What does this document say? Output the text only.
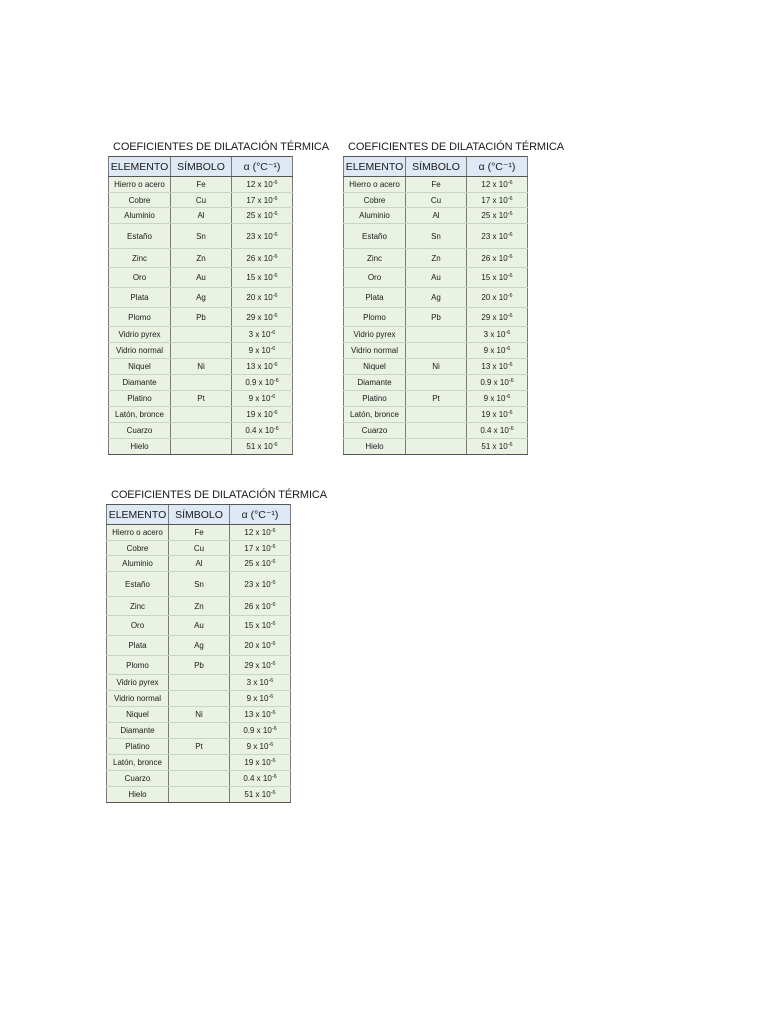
COEFICIENTES DE DILATACIÓN TÉRMICA
ELEMENTO	SÍMBOLO	α (°C⁻¹)
Hierro o acero	Fe	12 x $10^{-6}$
Cobre	Cu	17 x $10^{-6}$
Aluminio	Al	25 x $10^{-6}$
Estaño	Sn	23 x $10^{-6}$
Zinc	Zn	26 x $10^{-6}$
Oro	Au	15 x $10^{-6}$
Plata	Ag	20 x $10^{-6}$
Plomo	Pb	29 x $10^{-6}$
Vidrio pyrex		3 x $10^{-6}$
Vidrio normal		9 x $10^{-6}$
Niquel	Ni	13 x $10^{-6}$
Diamante		0.9 x $10^{-6}$
Platino	Pt	9 x $10^{-6}$
Latón, bronce		19 x $10^{-6}$
Cuarzo		0.4 x $10^{-6}$
Hielo		51 x $10^{-6}$
COEFICIENTES DE DILATACIÓN TÉRMICA
ELEMENTO	SÍMBOLO	α (°C⁻¹)
Hierro o acero	Fe	12 x $10^{-6}$
Cobre	Cu	17 x $10^{-6}$
Aluminio	Al	25 x $10^{-6}$
Estaño	Sn	23 x $10^{-6}$
Zinc	Zn	26 x $10^{-6}$
Oro	Au	15 x $10^{-6}$
Plata	Ag	20 x $10^{-6}$
Plomo	Pb	29 x $10^{-6}$
Vidrio pyrex		3 x $10^{-6}$
Vidrio normal		9 x $10^{-6}$
Niquel	Ni	13 x $10^{-6}$
Diamante		0.9 x $10^{-6}$
Platino	Pt	9 x $10^{-6}$
Latón, bronce		19 x $10^{-6}$
Cuarzo		0.4 x $10^{-6}$
Hielo		51 x $10^{-6}$
COEFICIENTES DE DILATACIÓN TÉRMICA
ELEMENTO	SÍMBOLO	α (°C⁻¹)
Hierro o acero	Fe	12 x $10^{-6}$
Cobre	Cu	17 x $10^{-6}$
Aluminio	Al	25 x $10^{-6}$
Estaño	Sn	23 x $10^{-6}$
Zinc	Zn	26 x $10^{-6}$
Oro	Au	15 x $10^{-6}$
Plata	Ag	20 x $10^{-6}$
Plomo	Pb	29 x $10^{-6}$
Vidrio pyrex		3 x $10^{-6}$
Vidrio normal		9 x $10^{-6}$
Niquel	Ni	13 x $10^{-6}$
Diamante		0.9 x $10^{-6}$
Platino	Pt	9 x $10^{-6}$
Latón, bronce		19 x $10^{-6}$
Cuarzo		0.4 x $10^{-6}$
Hielo		51 x $10^{-6}$
